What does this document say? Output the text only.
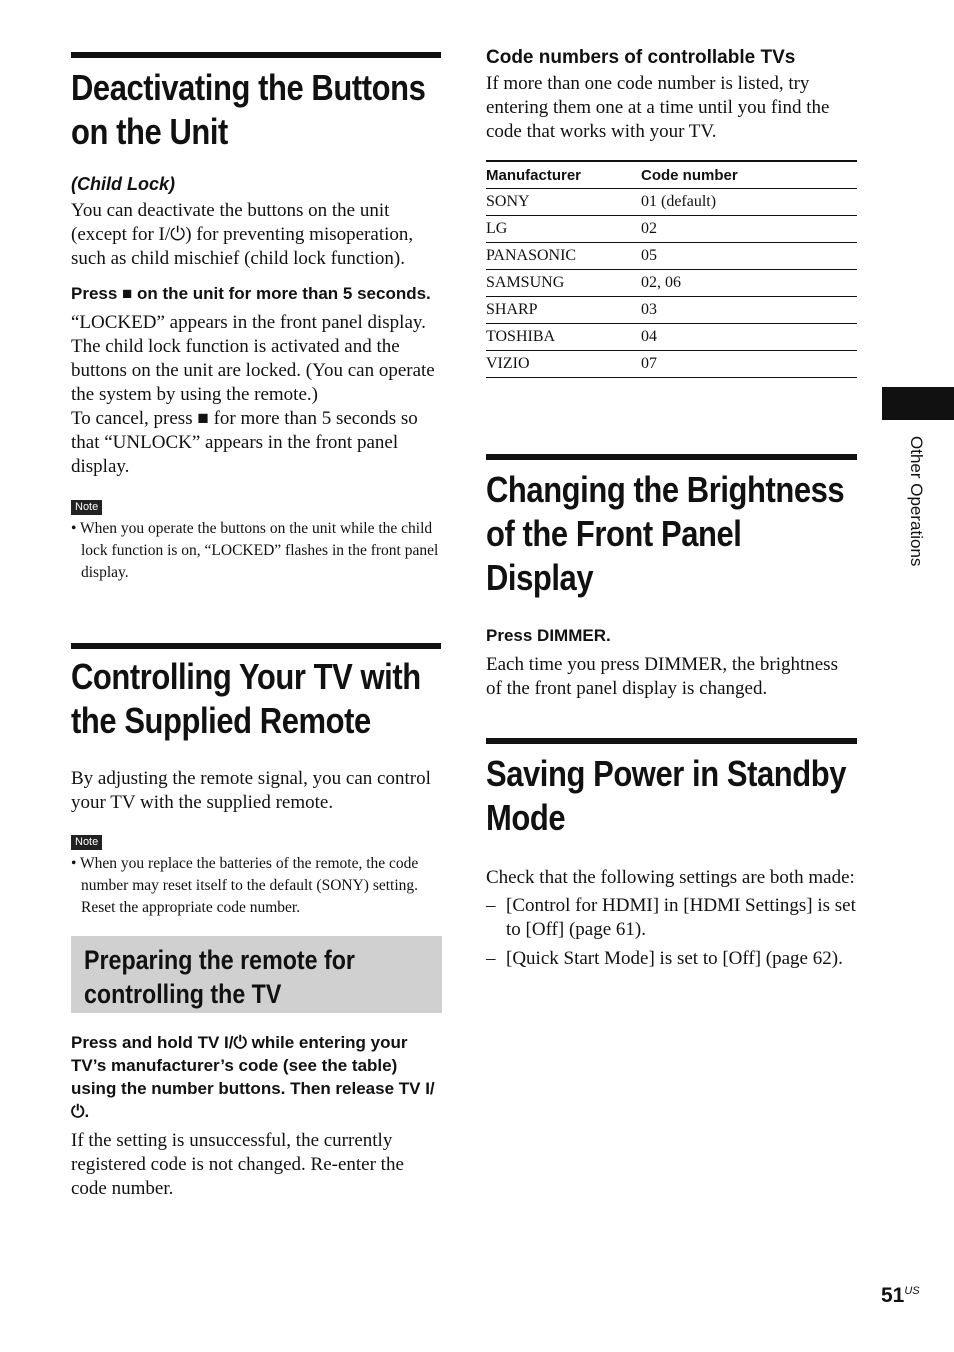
Deactivating the Buttons

on the Unit

(Child Lock)

You can deactivate the buttons on the unit (except for I/⏻) for preventing misoperation, such as child mischief (child lock function).

Press ■ on the unit for more than 5 seconds.

“LOCKED” appears in the front panel display. The child lock function is activated and the buttons on the unit are locked. (You can operate the system by using the remote.)

To cancel, press ■ for more than 5 seconds so that “UNLOCK” appears in the front panel display.

Note

• When you operate the buttons on the unit while the child lock function is on, “LOCKED” flashes in the front panel display.

Controlling Your TV with

the Supplied Remote

By adjusting the remote signal, you can control your TV with the supplied remote.

Note

• When you replace the batteries of the remote, the code number may reset itself to the default (SONY) setting. Reset the appropriate code number.

Preparing the remote for

controlling the TV

Press and hold TV I/⏻ while entering your TV’s manufacturer’s code (see the table) using the number buttons. Then release TV I/⏻.

If the setting is unsuccessful, the currently registered code is not changed. Re-enter the code number.

Code numbers of controllable TVs

If more than one code number is listed, try entering them one at a time until you find the code that works with your TV.

Manufacturer	Code number
SONY	01 (default)
LG	02
PANASONIC	05
SAMSUNG	02, 06
SHARP	03
TOSHIBA	04
VIZIO	07

Changing the Brightness

of the Front Panel

Display

Press DIMMER.

Each time you press DIMMER, the brightness of the front panel display is changed.

Saving Power in Standby

Mode

Check that the following settings are both made:

– [Control for HDMI] in [HDMI Settings] is set to [Off] (page 61).

– [Quick Start Mode] is set to [Off] (page 62).

Other Operations
$51^{US}$
